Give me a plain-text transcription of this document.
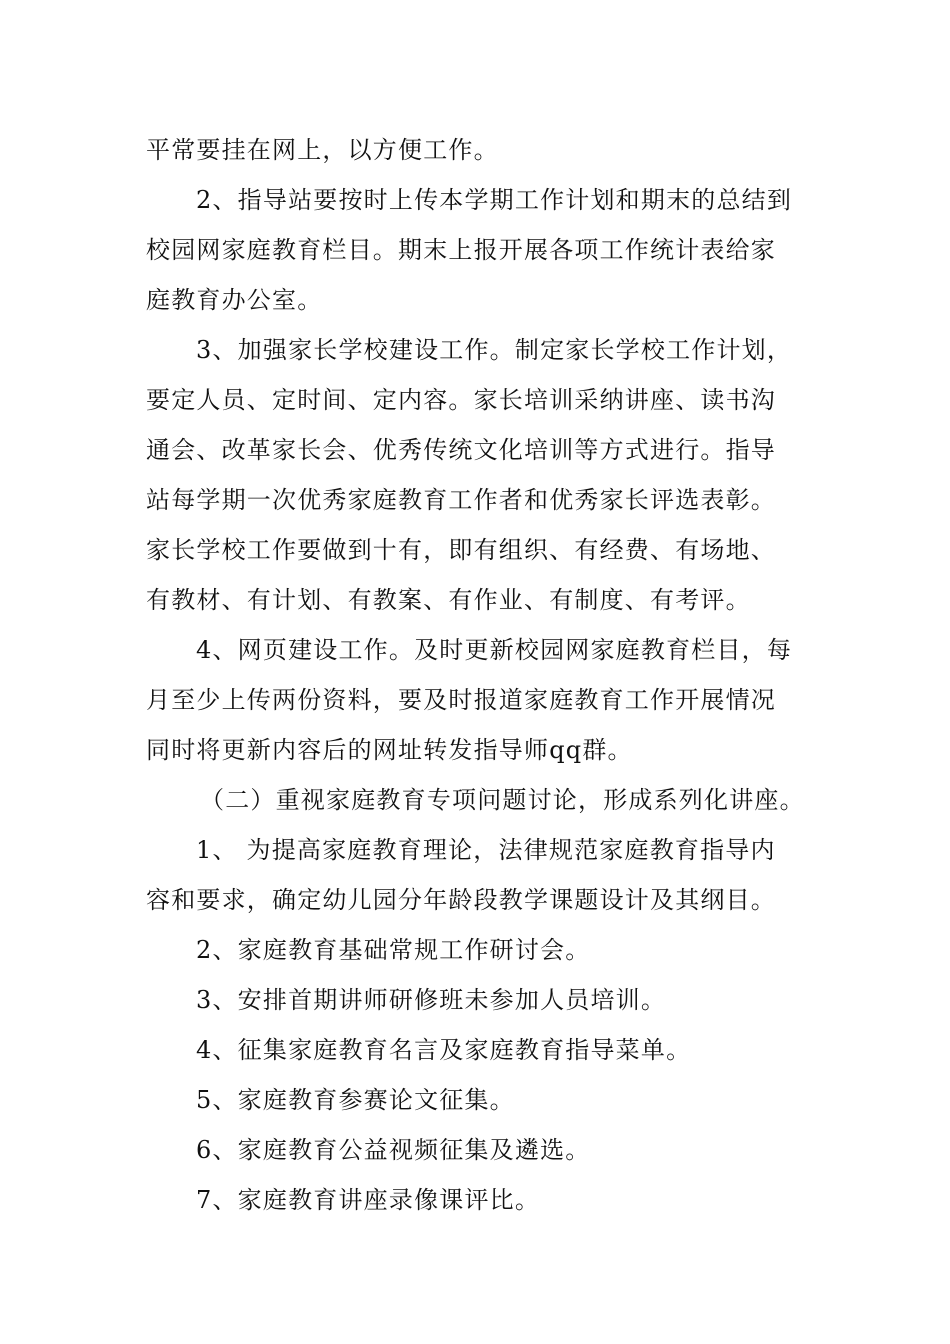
平常要挂在网上，以方便工作。
2、指导站要按时上传本学期工作计划和期末的总结到
校园网家庭教育栏目。期末上报开展各项工作统计表给家
庭教育办公室。
3、加强家长学校建设工作。制定家长学校工作计划，
要定人员、定时间、定内容。家长培训采纳讲座、读书沟
通会、改革家长会、优秀传统文化培训等方式进行。指导
站每学期一次优秀家庭教育工作者和优秀家长评选表彰。
家长学校工作要做到十有，即有组织、有经费、有场地、
有教材、有计划、有教案、有作业、有制度、有考评。
4、网页建设工作。及时更新校园网家庭教育栏目，每
月至少上传两份资料，要及时报道家庭教育工作开展情况
同时将更新内容后的网址转发指导师qq群。
（二）重视家庭教育专项问题讨论，形成系列化讲座。
1、 为提高家庭教育理论，法律规范家庭教育指导内
容和要求，确定幼儿园分年龄段教学课题设计及其纲目。
2、家庭教育基础常规工作研讨会。
3、安排首期讲师研修班未参加人员培训。
4、征集家庭教育名言及家庭教育指导菜单。
5、家庭教育参赛论文征集。
6、家庭教育公益视频征集及遴选。
7、家庭教育讲座录像课评比。
